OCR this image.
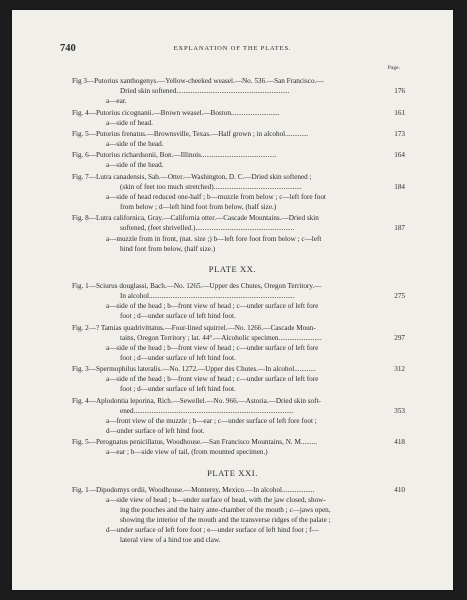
740	EXPLANATION OF THE PLATES.
Page.
Fig 3—Putorius xanthogenys.—Yellow-cheeked weasel.—No. 536.—San Francisco.—
Dried skin softened...............................................................
a—ear.
176
Fig. 4—Putorius cicognanii.—Brown weasel.—Boston...........................
a—side of head.
161
Fig. 5—Putorius frenatus.—Brownsville, Texas.—Half grown ; in alcohol.............
a—side of the head.
173
Fig. 6—Putorius richardsonii, Bon.—Illinois..........................................
a—side of the head.
164
Fig. 7—Lutra canadensis, Sab.—Otter.—Washington, D. C.—Dried skin softened ;
(skin of feet too much stretched).................................................
a—side of head reduced one-half ; b—muzzle from below ; c—left fore foot
from below ; d—left hind foot from below, (half size.)
184
Fig. 8—Lutra californica, Gray.—California otter.—Cascade Mountains.—Dried skin
softened, (feet shrivelled.).......................................................
a—muzzle from in front, (nat. size ;) b—left fore foot from below ; c—left
hind foot from below, (half size.)
187
PLATE XX.
Fig. 1—Sciurus douglassi, Bach.—No. 1265.—Upper des Chutes, Oregon Territory.—
In alcohol.................................................................................
a—side of the head ; b—front view of head ; c—under surface of left fore
foot ; d—under surface of left hind foot.
275
Fig. 2—? Tamias quadrivittatus.—Four-lined squirrel.—No. 1266.—Cascade Moun-
tains, Oregon Territory ; lat. 44°.—Alcoholic specimen........................
a—side of the head ; b—front view of head ; c—under surface of left fore
foot ; d—under surface of left hind foot.
297
Fig. 3—Spermophilus lateralis.—No. 1272.—Upper des Chutes.—In alcohol............
a—side of the head ; b—front view of head ; c—under surface of left fore
foot ; d—under surface of left hind foot.
312
Fig. 4—Aplodontia leporina, Rich.—Sewellel.—No. 966.—Astoria.—Dried skin soft-
ened.........................................................................................
a—front view of the muzzle ; b—ear ; c—under surface of left fore foot ;
d—under surface of left hind foot.
353
Fig. 5—Perognatus penicillatus, Woodhouse.—San Francisco Mountains, N. M.........
a—ear ; b—side view of tail, (from mounted specimen.)
418
PLATE XXI.
Fig. 1—Dipodomys ordii, Woodhouse.—Monterey, Mexico.—In alcohol..................
a—side view of head ; b—under surface of head, with the jaw closed, show-
ing the pouches and the hairy ante-chamber of the mouth ; c—jaws open,
showing the interior of the mouth and the transverse ridges of the palate ;
d—under surface of left fore foot ; e—under surface of left hind foot ; f—
lateral view of a hind toe and claw.
410
